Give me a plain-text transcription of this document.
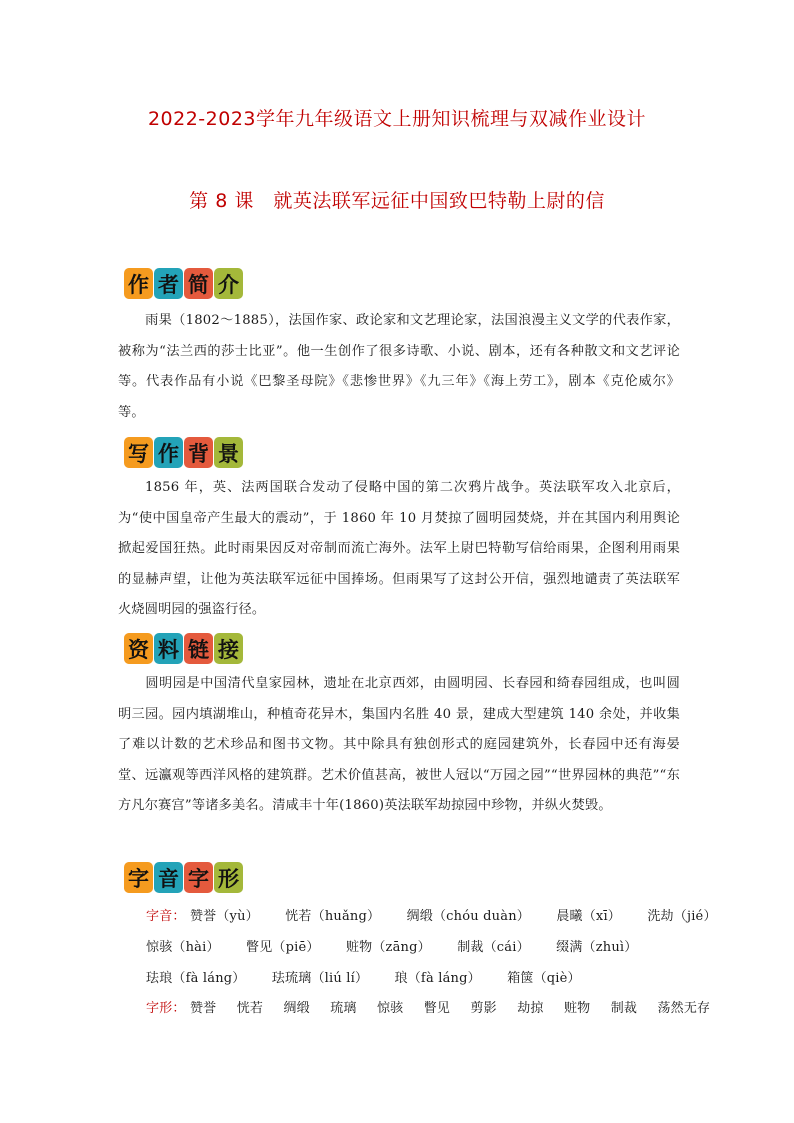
2022-2023学年九年级语文上册知识梳理与双减作业设计
第 8 课　就英法联军远征中国致巴特勒上尉的信
作 者 简 介
雨果（1802～1885），法国作家、政论家和文艺理论家，法国浪漫主义文学的代表作家，被称为“法兰西的莎士比亚”。他一生创作了很多诗歌、小说、剧本，还有各种散文和文艺评论等。代表作品有小说《巴黎圣母院》《悲惨世界》《九三年》《海上劳工》，剧本《克伦威尔》等。
写 作 背 景
1856 年，英、法两国联合发动了侵略中国的第二次鸦片战争。英法联军攻入北京后，为“使中国皇帝产生最大的震动”，于 1860 年 10 月焚掠了圆明园焚烧，并在其国内利用舆论掀起爱国狂热。此时雨果因反对帝制而流亡海外。法军上尉巴特勒写信给雨果，企图利用雨果的显赫声望，让他为英法联军远征中国捧场。但雨果写了这封公开信，强烈地谴责了英法联军火烧圆明园的强盗行径。
资 料 链 接
圆明园是中国清代皇家园林，遗址在北京西郊，由圆明园、长春园和绮春园组成，也叫圆明三园。园内填湖堆山，种植奇花异木，集国内名胜 40 景，建成大型建筑 140 余处，并收集了难以计数的艺术珍品和图书文物。其中除具有独创形式的庭园建筑外，长春园中还有海晏堂、远瀛观等西洋风格的建筑群。艺术价值甚高，被世人冠以“万园之园”“世界园林的典范”“东方凡尔赛宫”等诸多美名。清咸丰十年(1860)英法联军劫掠园中珍物，并纵火焚毁。
字 音 字 形
字音： 赞誉（yù） 恍若（huǎng） 绸缎（chóu duàn） 晨曦（xī） 洗劫（jié）
惊骇（hài） 瞥见（piē） 赃物（zāng） 制裁（cái） 缀满（zhuì）
珐琅（fà láng） 珐琉璃（liú lí） 琅（fà láng） 箱箧（qiè）
字形： 赞誉 恍若 绸缎 琉璃 惊骇 瞥见 剪影 劫掠 赃物 制裁 荡然无存
